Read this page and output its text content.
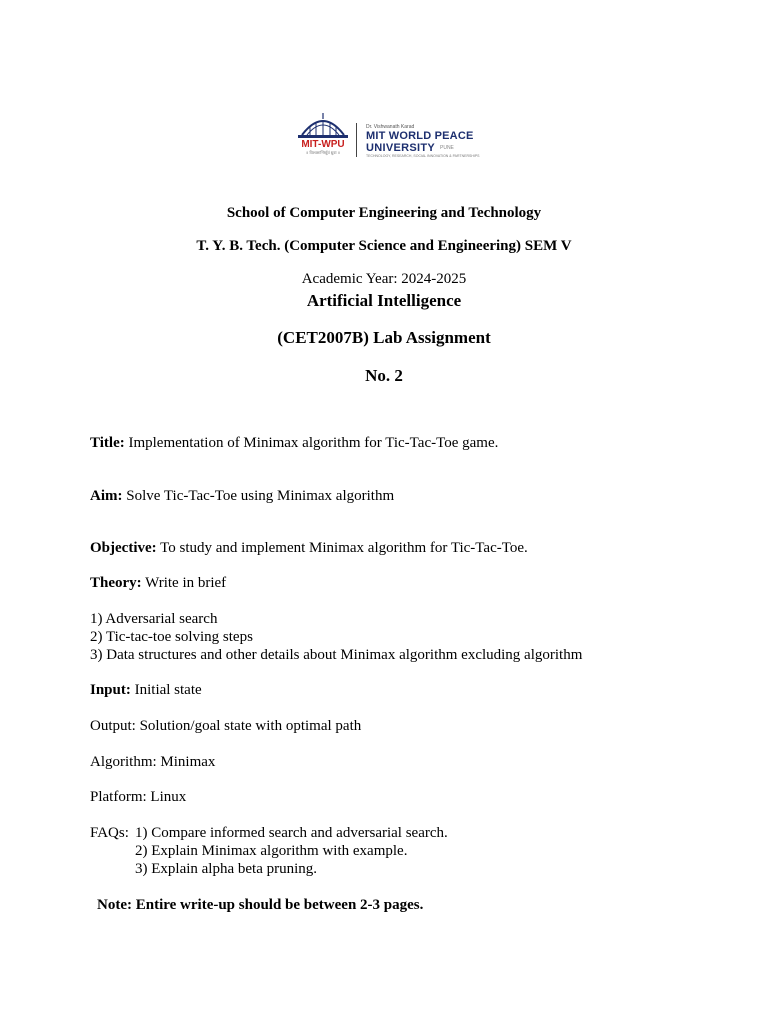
MIT-WPU
॥ विश्वशान्तिर्ध्रुवं ध्रुवा ॥
Dr. Vishwanath Karad
MIT WORLD PEACE
UNIVERSITY PUNE
TECHNOLOGY, RESEARCH, SOCIAL INNOVATION & PARTNERSHIPS
School of Computer Engineering and Technology
T. Y. B. Tech. (Computer Science and Engineering) SEM V
Academic Year: 2024-2025
Artificial Intelligence
(CET2007B) Lab Assignment
No. 2
Title: Implementation of Minimax algorithm for Tic-Tac-Toe game.
Aim: Solve Tic-Tac-Toe using Minimax algorithm
Objective: To study and implement Minimax algorithm for Tic-Tac-Toe.
Theory: Write in brief
1) Adversarial search
2) Tic-tac-toe solving steps
3) Data structures and other details about Minimax algorithm excluding algorithm
Input: Initial state
Output: Solution/goal state with optimal path
Algorithm: Minimax
Platform: Linux
FAQs: 1) Compare informed search and adversarial search.
2) Explain Minimax algorithm with example.
3) Explain alpha beta pruning.
Note: Entire write-up should be between 2-3 pages.
